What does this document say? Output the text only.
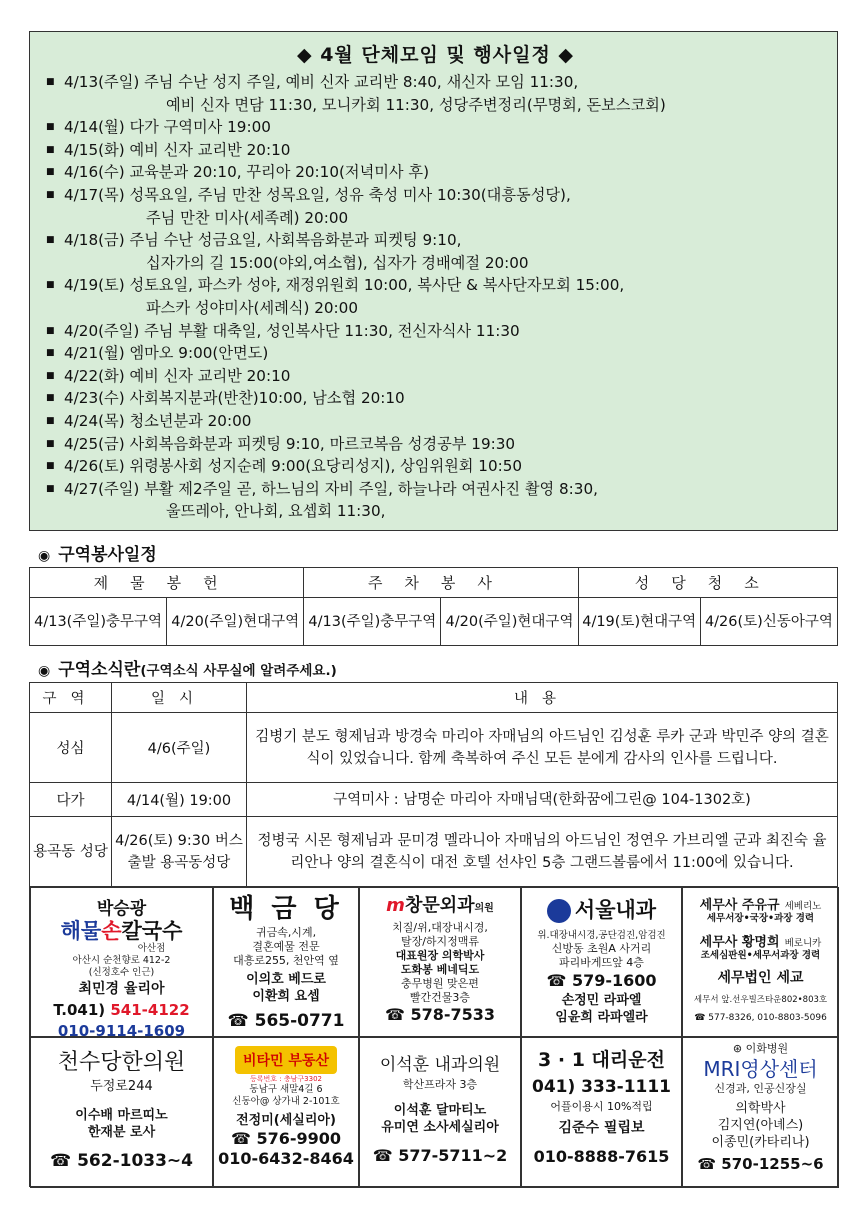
◆ 4월 단체모임 및 행사일정 ◆
■ 4/13(주일) 주님 수난 성지 주일, 예비 신자 교리반 8:40, 새신자 모임 11:30,
예비 신자 면담 11:30, 모니카회 11:30, 성당주변정리(무명회, 돈보스코회)
■ 4/14(월) 다가 구역미사 19:00
■ 4/15(화) 예비 신자 교리반 20:10
■ 4/16(수) 교육분과 20:10, 꾸리아 20:10(저녁미사 후)
■ 4/17(목) 성목요일, 주님 만찬 성목요일, 성유 축성 미사 10:30(대흥동성당),
주님 만찬 미사(세족례) 20:00
■ 4/18(금) 주님 수난 성금요일, 사회복음화분과 피켓팅 9:10,
십자가의 길 15:00(야외,여소협), 십자가 경배예절 20:00
■ 4/19(토) 성토요일, 파스카 성야, 재정위원회 10:00, 복사단 & 복사단자모회 15:00,
파스카 성야미사(세례식) 20:00
■ 4/20(주일) 주님 부활 대축일, 성인복사단 11:30, 전신자식사 11:30
■ 4/21(월) 엠마오 9:00(안면도)
■ 4/22(화) 예비 신자 교리반 20:10
■ 4/23(수) 사회복지분과(반찬)10:00, 남소협 20:10
■ 4/24(목) 청소년분과 20:00
■ 4/25(금) 사회복음화분과 피켓팅 9:10, 마르코복음 성경공부 19:30
■ 4/26(토) 위령봉사회 성지순례 9:00(요당리성지), 상임위원회 10:50
■ 4/27(주일) 부활 제2주일 곧, 하느님의 자비 주일, 하늘나라 여권사진 촬영 8:30,
울뜨레아, 안나회, 요셉회 11:30,
◉ 구역봉사일정
제물봉헌		주차봉사		성당청소	
4/13(주일)충무구역	4/20(주일)현대구역	4/13(주일)충무구역	4/20(주일)현대구역	4/19(토)현대구역	4/26(토)신동아구역
◉ 구역소식란(구역소식 사무실에 알려주세요.)
구역	일시	내용
성심	4/6(주일)	김병기 분도 형제님과 방경숙 마리아 자매님의 아드님인 김성훈 루카 군과 박민주 양의 결혼식이 있었습니다. 함께 축복하여 주신 모든 분에게 감사의 인사를 드립니다.
다가	4/14(월) 19:00	구역미사 : 남명순 마리아 자매님댁(한화꿈에그린@ 104-1302호)
용곡동 성당	4/26(토) 9:30 버스출발 용곡동성당	정병국 시몬 형제님과 문미경 멜라니아 자매님의 아드님인 정연우 가브리엘 군과 최진숙 율리안나 양의 결혼식이 대전 호텔 선샤인 5층 그랜드볼룸에서 11:00에 있습니다.
박승광
해물손칼국수
아산점
아산시 순천향로 412-2
(신정호수 인근)
최민경 율리아
T.041) 541-4122
010-9114-1609
백 금 당
귀금속,시계,
결혼예물 전문
대흥로255, 천안역 옆
이의호 베드로
이환희 요셉
☎ 565-0771
m창문외과의원
치질/위,대장내시경,
탈장/하지정맥류
대표원장 의학박사
도화봉 베네딕도
충무병원 맞은편
빨간건물3층
☎ 578-7533
서울내과
위.대장내시경,공단검진,암검진
신방동 초원A 사거리
파리바게뜨앞 4층
☎ 579-1600
손정민 라파엘
임윤희 라파엘라
세무사 주유규 세베리노
세무서장•국장•과장 경력
세무사 황명희 베로니카
조세심판원•세무서과장 경력
세무법인 세교
세무서 앞.선우빌즈타운802•803호
☎ 577-8326, 010-8803-5096
천수당한의원
두정로244
이수배 마르띠노
한재분 로사
☎ 562-1033~4
비타민 부동산
등록번호 : 충남구3302
동남구 새말4길 6
신동아@ 상가내 2-101호
전정미(세실리아)
☎ 576-9900
010-6432-8464
이석훈 내과의원
학산프라자 3층
이석훈 달마티노
유미연 소사세실리아
☎ 577-5711~2
3 · 1 대리운전
041) 333-1111
어플이용시 10%적립
김준수 필립보
010-8888-7615
⊛ 이화병원
MRI영상센터
신경과, 인공신장실
의학박사
김지연(아녜스)
이종민(카타리나)
☎ 570-1255~6
